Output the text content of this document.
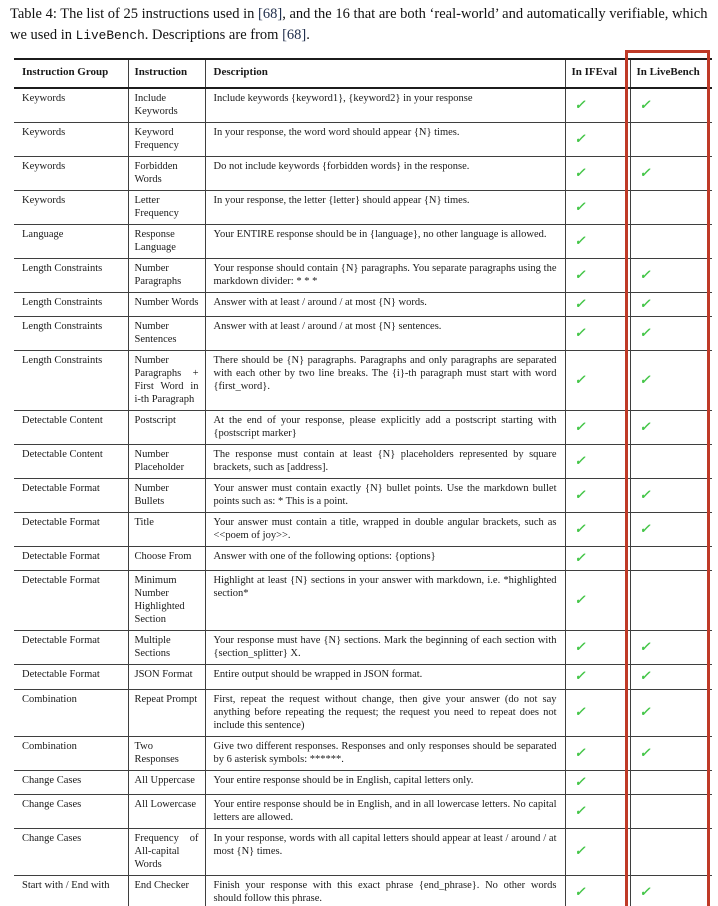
Table 4: The list of 25 instructions used in [68], and the 16 that are both ‘real-world’ and automatically verifiable, which we used in LiveBench. Descriptions are from [68].

Instruction Group	Instruction	Description	In IFEval	In LiveBench
Keywords	Include Keywords	Include keywords {keyword1}, {keyword2} in your response	✓	✓
Keywords	Keyword Frequency	In your response, the word word should appear {N} times.	✓	
Keywords	Forbidden Words	Do not include keywords {forbidden words} in the response.	✓	✓
Keywords	Letter Frequency	In your response, the letter {letter} should appear {N} times.	✓	
Language	Response Language	Your ENTIRE response should be in {language}, no other language is allowed.	✓	
Length Constraints	Number Paragraphs	Your response should contain {N} paragraphs. You separate paragraphs using the markdown divider: * * *	✓	✓
Length Constraints	Number Words	Answer with at least / around / at most {N} words.	✓	✓
Length Constraints	Number Sentences	Answer with at least / around / at most {N} sentences.	✓	✓
Length Constraints	Number Paragraphs + First Word in i-th Paragraph	There should be {N} paragraphs. Paragraphs and only paragraphs are separated with each other by two line breaks. The {i}-th paragraph must start with word {first_word}.	✓	✓
Detectable Content	Postscript	At the end of your response, please explicitly add a postscript starting with {postscript marker}	✓	✓
Detectable Content	Number Placeholder	The response must contain at least {N} placeholders represented by square brackets, such as [address].	✓	
Detectable Format	Number Bullets	Your answer must contain exactly {N} bullet points. Use the markdown bullet points such as: * This is a point.	✓	✓
Detectable Format	Title	Your answer must contain a title, wrapped in double angular brackets, such as <<poem of joy>>.	✓	✓
Detectable Format	Choose From	Answer with one of the following options: {options}	✓	
Detectable Format	Minimum Number Highlighted Section	Highlight at least {N} sections in your answer with markdown, i.e. *highlighted section*	✓	
Detectable Format	Multiple Sections	Your response must have {N} sections. Mark the beginning of each section with {section_splitter} X.	✓	✓
Detectable Format	JSON Format	Entire output should be wrapped in JSON format.	✓	✓
Combination	Repeat Prompt	First, repeat the request without change, then give your answer (do not say anything before repeating the request; the request you need to repeat does not include this sentence)	✓	✓
Combination	Two Responses	Give two different responses. Responses and only responses should be separated by 6 asterisk symbols: ******.	✓	✓
Change Cases	All Uppercase	Your entire response should be in English, capital letters only.	✓	
Change Cases	All Lowercase	Your entire response should be in English, and in all lowercase letters. No capital letters are allowed.	✓	
Change Cases	Frequency of All-capital Words	In your response, words with all capital letters should appear at least / around / at most {N} times.	✓	
Start with / End with	End Checker	Finish your response with this exact phrase {end_phrase}. No other words should follow this phrase.	✓	✓
